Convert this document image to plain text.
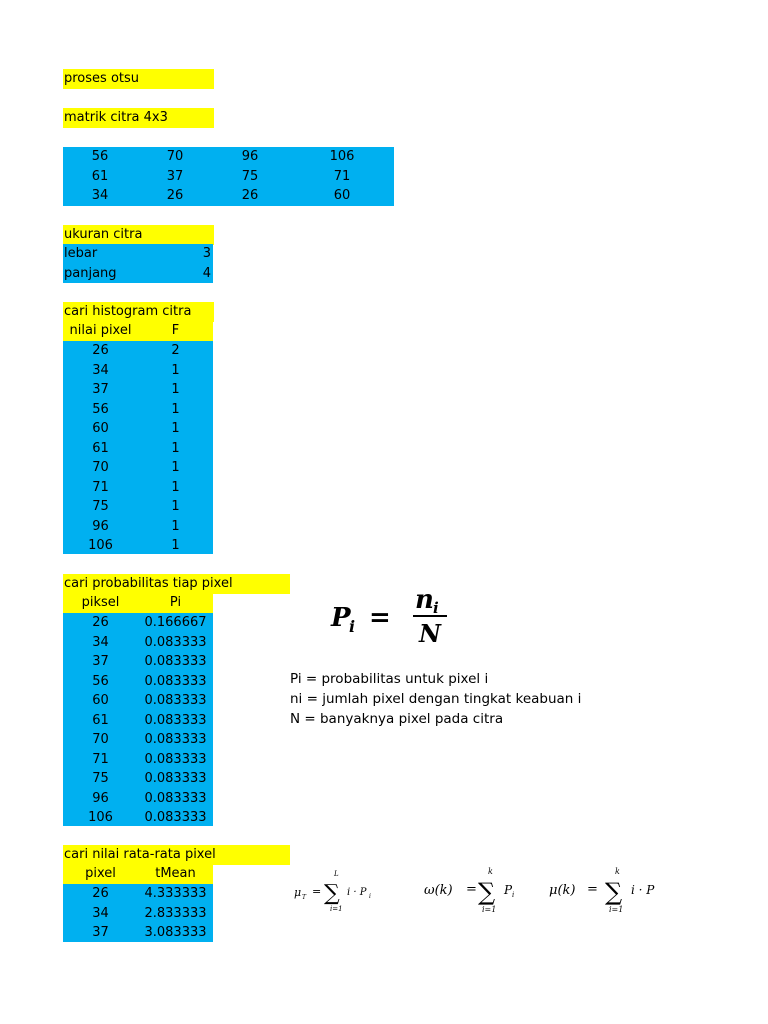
proses otsu
matrik citra 4x3
56	70	96	106
61	37	75	71
34	26	26	60
ukuran citra
lebar	3
panjang	4
cari histogram citra
nilai pixel	F
26	2
34	1
37	1
56	1
60	1
61	1
70	1
71	1
75	1
96	1
106	1
cari probabilitas tiap pixel
piksel	Pi
26	0.166667
34	0.083333
37	0.083333
56	0.083333
60	0.083333
61	0.083333
70	0.083333
71	0.083333
75	0.083333
96	0.083333
106	0.083333
P
i =
n i
N
Pi = probabilitas untuk pixel i
ni = jumlah pixel dengan tingkat keabuan i
N = banyaknya pixel pada citra
cari nilai rata-rata pixel
pixel	tMean
26	4.333333
34	2.833333
37	3.083333
μ T =
L
∑
i=1
i · P i	ω(k) =
k
∑
i=1
P i	μ(k) =
k
∑
i=1
i · P
